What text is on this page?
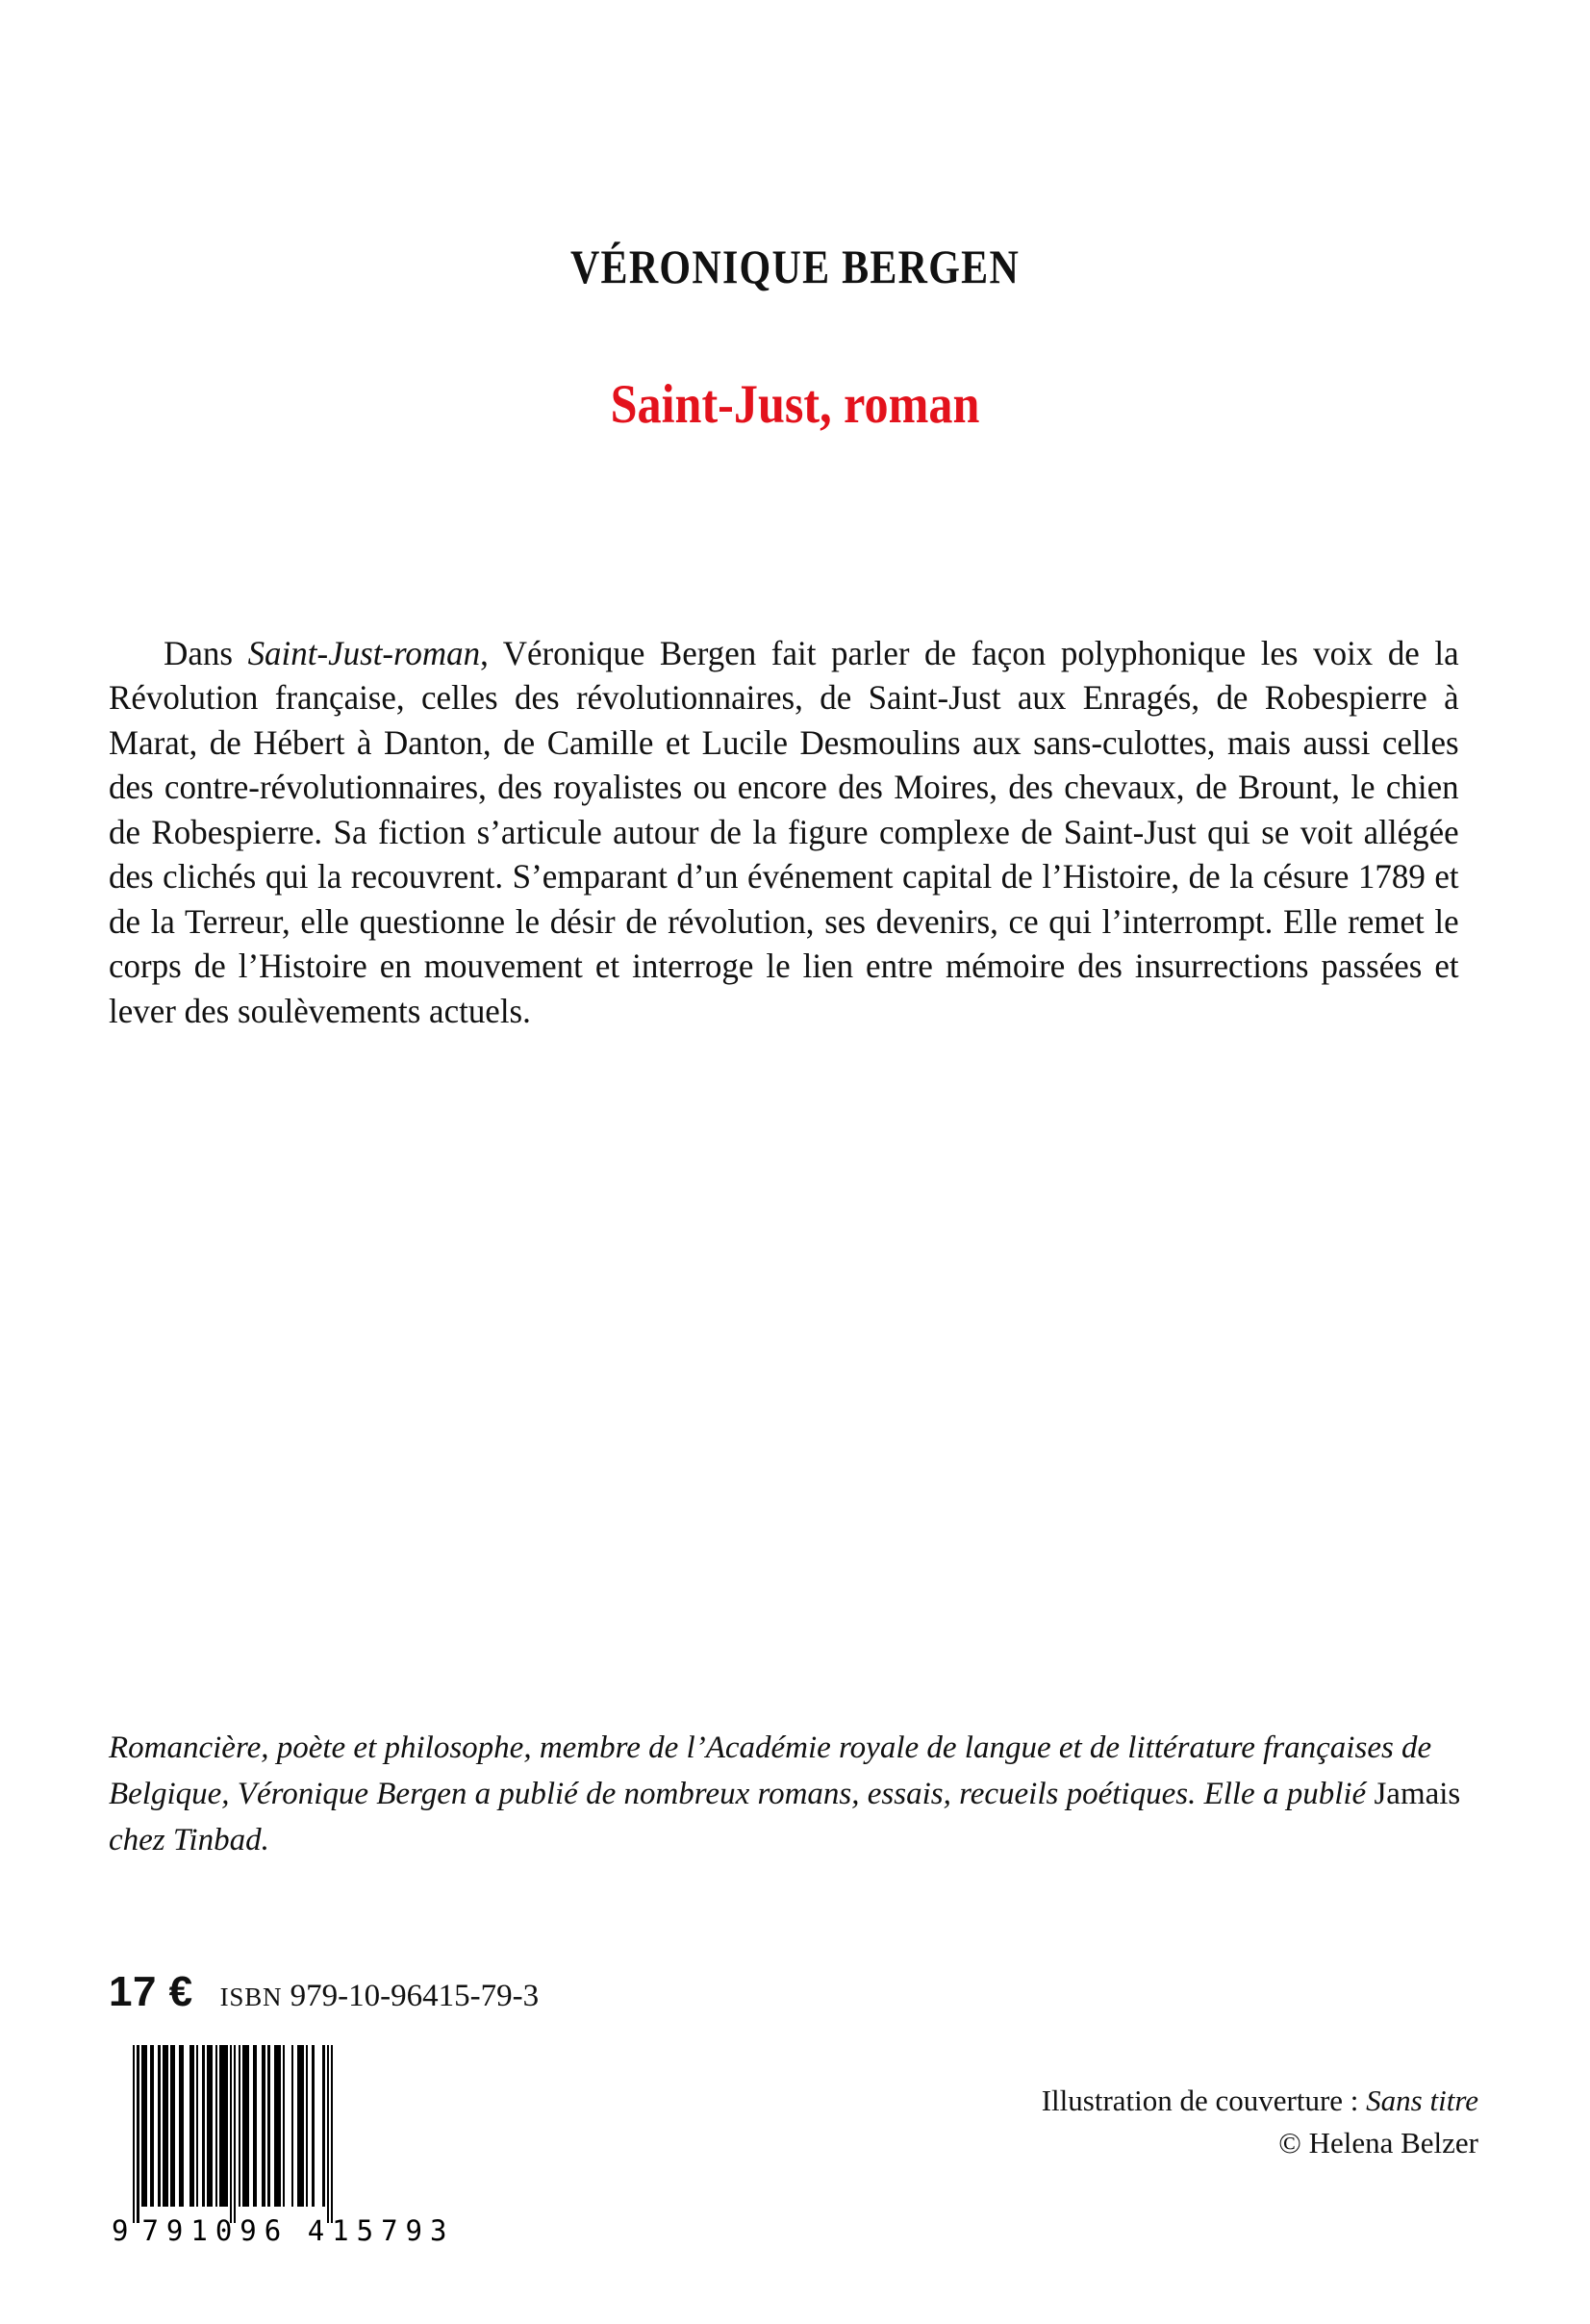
VÉRONIQUE BERGEN
Saint-Just, roman

Dans Saint-Just-roman, Véronique Bergen fait parler de façon polyphonique les voix de la Révolution française, celles des révolutionnaires, de Saint-Just aux Enragés, de Robespierre à Marat, de Hébert à Danton, de Camille et Lucile Desmoulins aux sans-culottes, mais aussi celles des contre-révolutionnaires, des royalistes ou encore des Moires, des chevaux, de Brount, le chien de Robespierre. Sa fiction s’articule autour de la figure complexe de Saint-Just qui se voit allégée des clichés qui la recouvrent. S’emparant d’un événement capital de l’Histoire, de la césure 1789 et de la Terreur, elle questionne le désir de révolution, ses devenirs, ce qui l’interrompt. Elle remet le corps de l’Histoire en mouvement et interroge le lien entre mémoire des insurrections passées et lever des soulèvements actuels.

Romancière, poète et philosophe, membre de l’Académie royale de langue et de littérature françaises de Belgique, Véronique Bergen a publié de nombreux romans, essais, recueils poétiques. Elle a publié Jamais chez Tinbad.

17 € ISBN 979-10-96415-79-3
9 791096 415793
Illustration de couverture : Sans titre
© Helena Belzer
